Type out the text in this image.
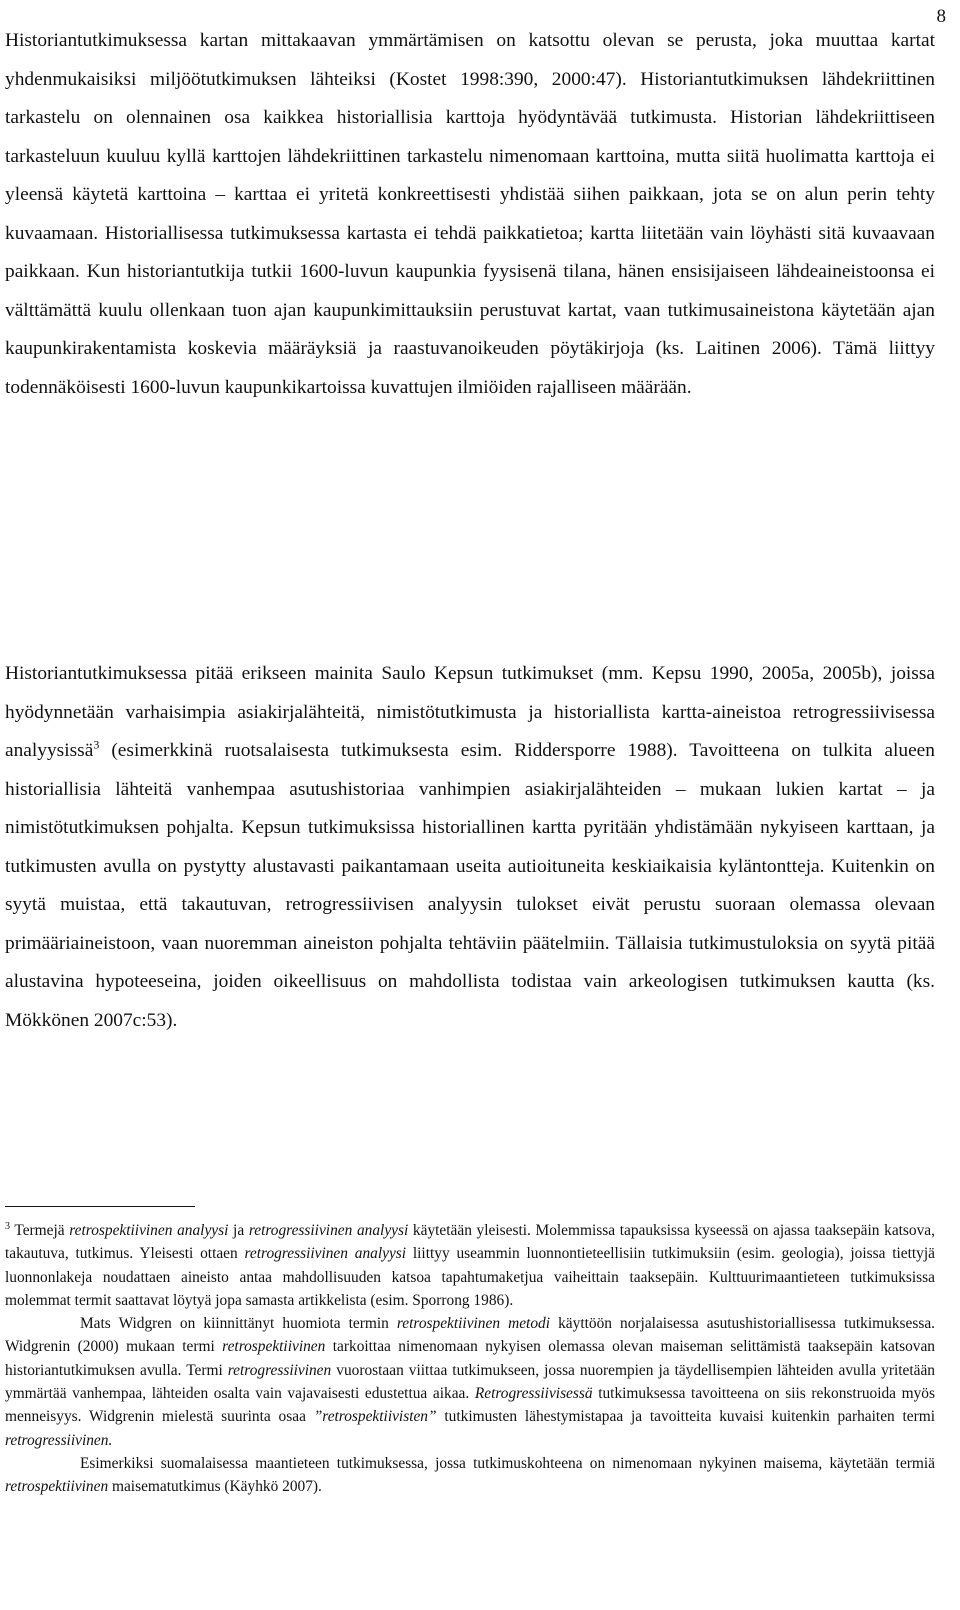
8

Historiantutkimuksessa kartan mittakaavan ymmärtämisen on katsottu olevan se perusta, joka muuttaa kartat yhdenmukaisiksi miljöötutkimuksen lähteiksi (Kostet 1998:390, 2000:47). Historiantutkimuksen lähdekriittinen tarkastelu on olennainen osa kaikkea historiallisia karttoja hyödyntävää tutkimusta. Historian lähdekriittiseen tarkasteluun kuuluu kyllä karttojen lähdekriittinen tarkastelu nimenomaan karttoina, mutta siitä huolimatta karttoja ei yleensä käytetä karttoina – karttaa ei yritetä konkreettisesti yhdistää siihen paikkaan, jota se on alun perin tehty kuvaamaan. Historiallisessa tutkimuksessa kartasta ei tehdä paikkatietoa; kartta liitetään vain löyhästi sitä kuvaavaan paikkaan. Kun historiantutkija tutkii 1600-luvun kaupunkia fyysisenä tilana, hänen ensisijaiseen lähdeaineistoonsa ei välttämättä kuulu ollenkaan tuon ajan kaupunkimittauksiin perustuvat kartat, vaan tutkimusaineistona käytetään ajan kaupunkirakentamista koskevia määräyksiä ja raastuvanoikeuden pöytäkirjoja (ks. Laitinen 2006). Tämä liittyy todennäköisesti 1600-luvun kaupunkikartoissa kuvattujen ilmiöiden rajalliseen määrään.

Historiantutkimuksessa pitää erikseen mainita Saulo Kepsun tutkimukset (mm. Kepsu 1990, 2005a, 2005b), joissa hyödynnetään varhaisimpia asiakirjalähteitä, nimistötutkimusta ja historiallista kartta-aineistoa retrogressiivisessa analyysissä$^3$ (esimerkkinä ruotsalaisesta tutkimuksesta esim. Riddersporre 1988). Tavoitteena on tulkita alueen historiallisia lähteitä vanhempaa asutushistoriaa vanhimpien asiakirjalähteiden – mukaan lukien kartat – ja nimistötutkimuksen pohjalta. Kepsun tutkimuksissa historiallinen kartta pyritään yhdistämään nykyiseen karttaan, ja tutkimusten avulla on pystytty alustavasti paikantamaan useita autioituneita keskiaikaisia kyläntontteja. Kuitenkin on syytä muistaa, että takautuvan, retrogressiivisen analyysin tulokset eivät perustu suoraan olemassa olevaan primääriaineistoon, vaan nuoremman aineiston pohjalta tehtäviin päätelmiin. Tällaisia tutkimustuloksia on syytä pitää alustavina hypoteeseina, joiden oikeellisuus on mahdollista todistaa vain arkeologisen tutkimuksen kautta (ks. Mökkönen 2007c:53).

$^3$ Termejä retrospektiivinen analyysi ja retrogressiivinen analyysi käytetään yleisesti. Molemmissa tapauksissa kyseessä on ajassa taaksepäin katsova, takautuva, tutkimus. Yleisesti ottaen retrogressiivinen analyysi liittyy useammin luonnontieteellisiin tutkimuksiin (esim. geologia), joissa tiettyjä luonnonlakeja noudattaen aineisto antaa mahdollisuuden katsoa tapahtumaketjua vaiheittain taaksepäin. Kulttuurimaantieteen tutkimuksissa molemmat termit saattavat löytyä jopa samasta artikkelista (esim. Sporrong 1986).

Mats Widgren on kiinnittänyt huomiota termin retrospektiivinen metodi käyttöön norjalaisessa asutushistoriallisessa tutkimuksessa. Widgrenin (2000) mukaan termi retrospektiivinen tarkoittaa nimenomaan nykyisen olemassa olevan maiseman selittämistä taaksepäin katsovan historiantutkimuksen avulla. Termi retrogressiivinen vuorostaan viittaa tutkimukseen, jossa nuorempien ja täydellisempien lähteiden avulla yritetään ymmärtää vanhempaa, lähteiden osalta vain vajavaisesti edustettua aikaa. Retrogressiivisessä tutkimuksessa tavoitteena on siis rekonstruoida myös menneisyys. Widgrenin mielestä suurinta osaa ”retrospektiivisten” tutkimusten lähestymistapaa ja tavoitteita kuvaisi kuitenkin parhaiten termi retrogressiivinen.

Esimerkiksi suomalaisessa maantieteen tutkimuksessa, jossa tutkimuskohteena on nimenomaan nykyinen maisema, käytetään termiä retrospektiivinen maisematutkimus (Käyhkö 2007).
